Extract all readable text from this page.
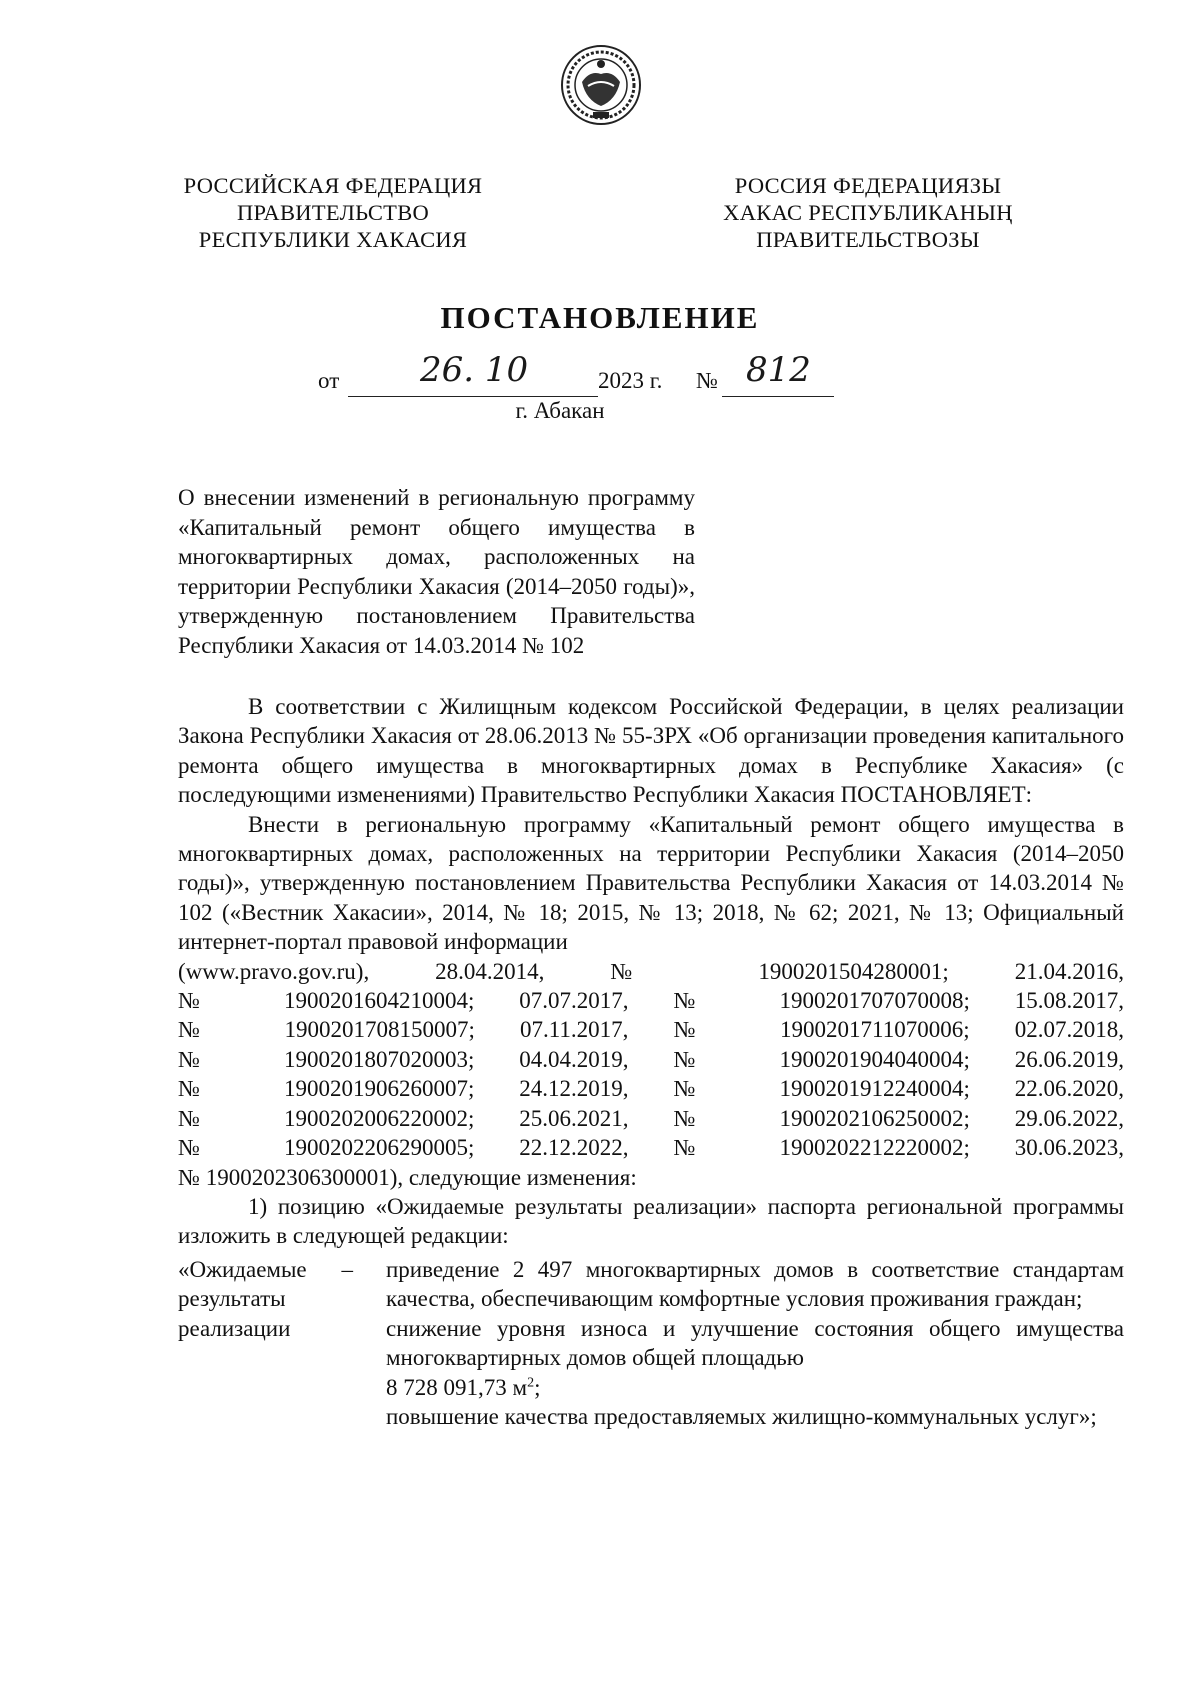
РОССИЙСКАЯ ФЕДЕРАЦИЯ
ПРАВИТЕЛЬСТВО
РЕСПУБЛИКИ ХАКАСИЯ
РОССИЯ ФЕДЕРАЦИЯЗЫ
ХАКАС РЕСПУБЛИКАНЫҢ
ПРАВИТЕЛЬСТВОЗЫ
ПОСТАНОВЛЕНИЕ
от 26. 10	2023 г. № 812
г. Абакан
О внесении изменений в региональную программу «Капитальный ремонт общего имущества в многоквартирных домах, расположенных на территории Республики Хакасия (2014–2050 годы)», утвержденную постановлением Правительства Республики Хакасия от 14.03.2014 № 102
В соответствии с Жилищным кодексом Российской Федерации, в целях реализации Закона Республики Хакасия от 28.06.2013 № 55-ЗРХ «Об организации проведения капитального ремонта общего имущества в многоквартирных домах в Республике Хакасия» (с последующими изменениями) Правительство Республики Хакасия ПОСТАНОВЛЯЕТ:
Внести в региональную программу «Капитальный ремонт общего имущества в многоквартирных домах, расположенных на территории Республики Хакасия (2014–2050 годы)», утвержденную постановлением Правительства Республики Хакасия от 14.03.2014 № 102 («Вестник Хакасии», 2014, № 18; 2015, № 13; 2018, № 62; 2021, № 13; Официальный интернет-портал правовой информации
(www.pravo.gov.ru), 28.04.2014, № 1900201504280001; 21.04.2016,
№ 1900201604210004; 07.07.2017, № 1900201707070008; 15.08.2017,
№ 1900201708150007; 07.11.2017, № 1900201711070006; 02.07.2018,
№ 1900201807020003; 04.04.2019, № 1900201904040004; 26.06.2019,
№ 1900201906260007; 24.12.2019, № 1900201912240004; 22.06.2020,
№ 1900202006220002; 25.06.2021, № 1900202106250002; 29.06.2022,
№ 1900202206290005; 22.12.2022, № 1900202212220002; 30.06.2023,
№ 1900202306300001), следующие изменения:
1) позицию «Ожидаемые результаты реализации» паспорта региональной программы изложить в следующей редакции:
«Ожидаемые –
результаты
реализации
приведение 2 497 многоквартирных домов в соответствие стандартам качества, обеспечивающим комфортные условия проживания граждан;
снижение уровня износа и улучшение состояния общего имущества многоквартирных домов общей площадью
8 728 091,73 $м^2$;
повышение качества предоставляемых жилищно-коммунальных услуг»;
